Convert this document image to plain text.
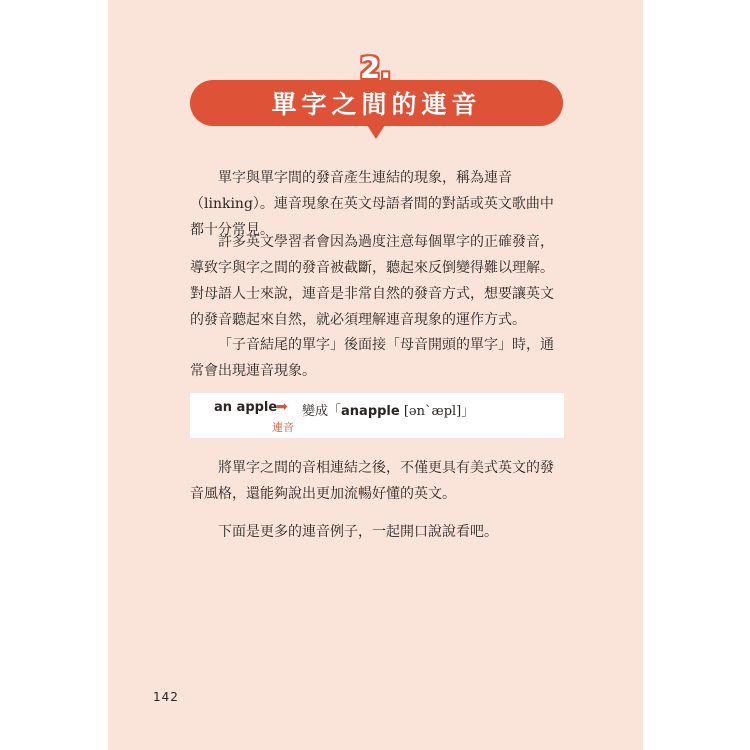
單字之間的連音
2.

單字與單字間的發音產生連結的現象，稱為連音（linking）。連音現象在英文母語者間的對話或英文歌曲中都十分常見。

許多英文學習者會因為過度注意每個單字的正確發音，導致字與字之間的發音被截斷，聽起來反倒變得難以理解。對母語人士來說，連音是非常自然的發音方式，想要讓英文的發音聽起來自然，就必須理解連音現象的運作方式。

「子音結尾的單字」後面接「母音開頭的單字」時，通常會出現連音現象。

an apple
➡ 變成「anapple [ən`æpl]」
連音

將單字之間的音相連結之後，不僅更具有美式英文的發音風格，還能夠說出更加流暢好懂的英文。

下面是更多的連音例子，一起開口說說看吧。

142
